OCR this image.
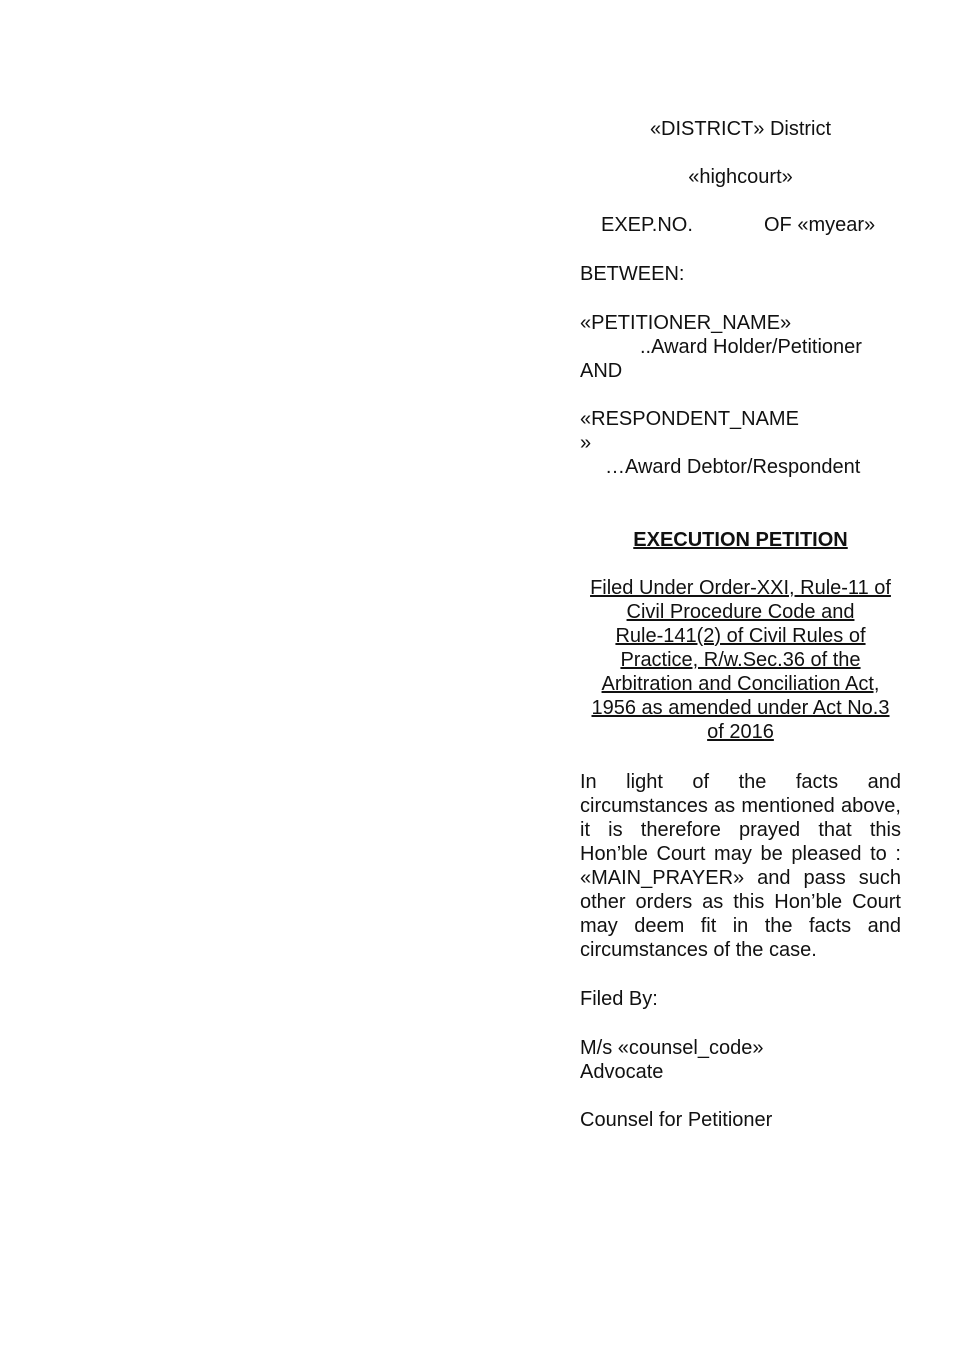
«DISTRICT» District
«highcourt»
EXEP.NO.	OF «myear»
BETWEEN:
«PETITIONER_NAME»
..Award Holder/Petitioner
AND
«RESPONDENT_NAME
»
…Award Debtor/Respondent
EXECUTION PETITION
Filed Under Order-XXI, Rule-11 of
Civil Procedure Code and
Rule-141(2) of Civil Rules of
Practice, R/w.Sec.36 of the
Arbitration and Conciliation Act,
1956 as amended under Act No.3
of 2016

In light of the facts and circumstances as mentioned above, it is therefore prayed that this Hon’ble Court may be pleased to : «MAIN_PRAYER» and pass such other orders as this Hon’ble Court may deem fit in the facts and circumstances of the case.

Filed By:
M/s «counsel_code»
Advocate
Counsel for Petitioner
